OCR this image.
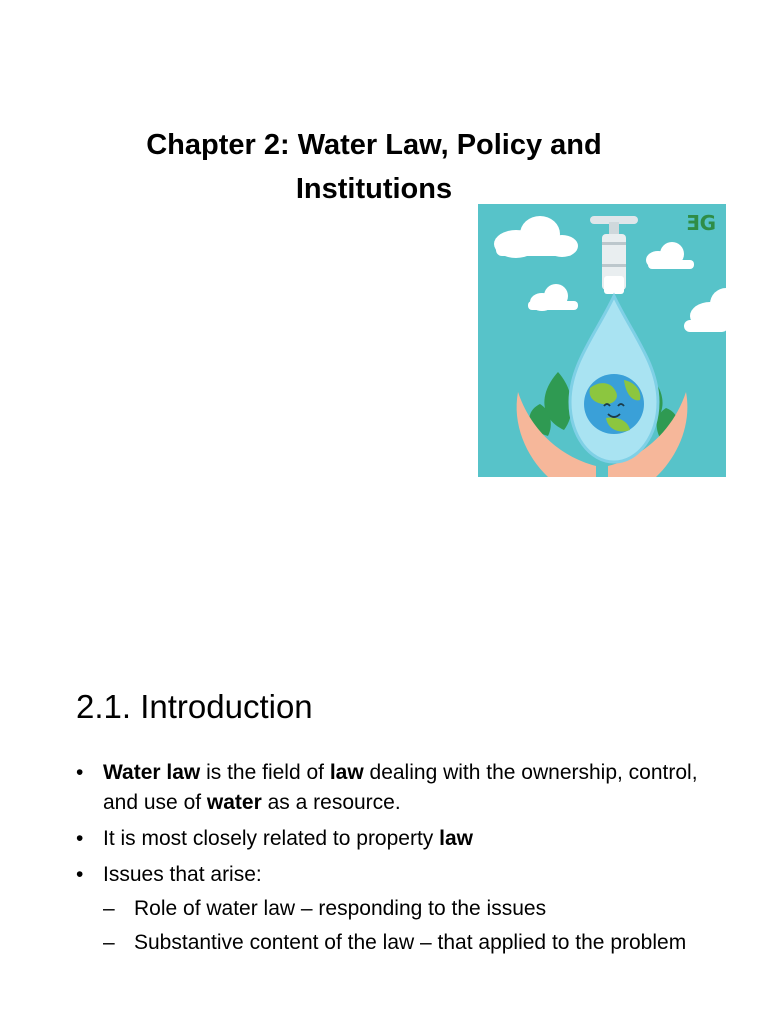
Chapter 2: Water Law, Policy and
Institutions
ƎG
2.1. Introduction
• Water law is the field of law dealing with the ownership, control, and use of water as a resource.
• It is most closely related to property law
• Issues that arise:
– Role of water law – responding to the issues
– Substantive content of the law – that applied to the problem
